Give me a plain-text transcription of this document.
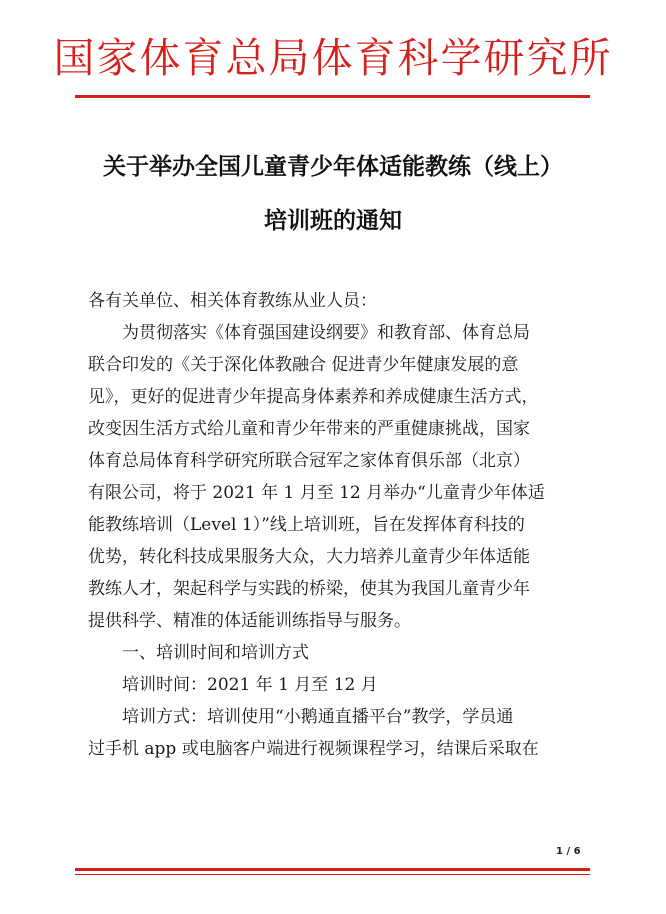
国家体育总局体育科学研究所
关于举办全国儿童青少年体适能教练（线上）
培训班的通知
各有关单位、相关体育教练从业人员：
为贯彻落实《体育强国建设纲要》和教育部、体育总局
联合印发的《关于深化体教融合 促进青少年健康发展的意
见》，更好的促进青少年提高身体素养和养成健康生活方式，
改变因生活方式给儿童和青少年带来的严重健康挑战，国家
体育总局体育科学研究所联合冠军之家体育俱乐部（北京）
有限公司，将于 2021 年 1 月至 12 月举办“儿童青少年体适
能教练培训（Level 1）”线上培训班，旨在发挥体育科技的
优势，转化科技成果服务大众，大力培养儿童青少年体适能
教练人才，架起科学与实践的桥梁，使其为我国儿童青少年
提供科学、精准的体适能训练指导与服务。
一、培训时间和培训方式
培训时间：2021 年 1 月至 12 月
培训方式：培训使用“小鹅通直播平台”教学，学员通
过手机 app 或电脑客户端进行视频课程学习，结课后采取在
1 / 6
